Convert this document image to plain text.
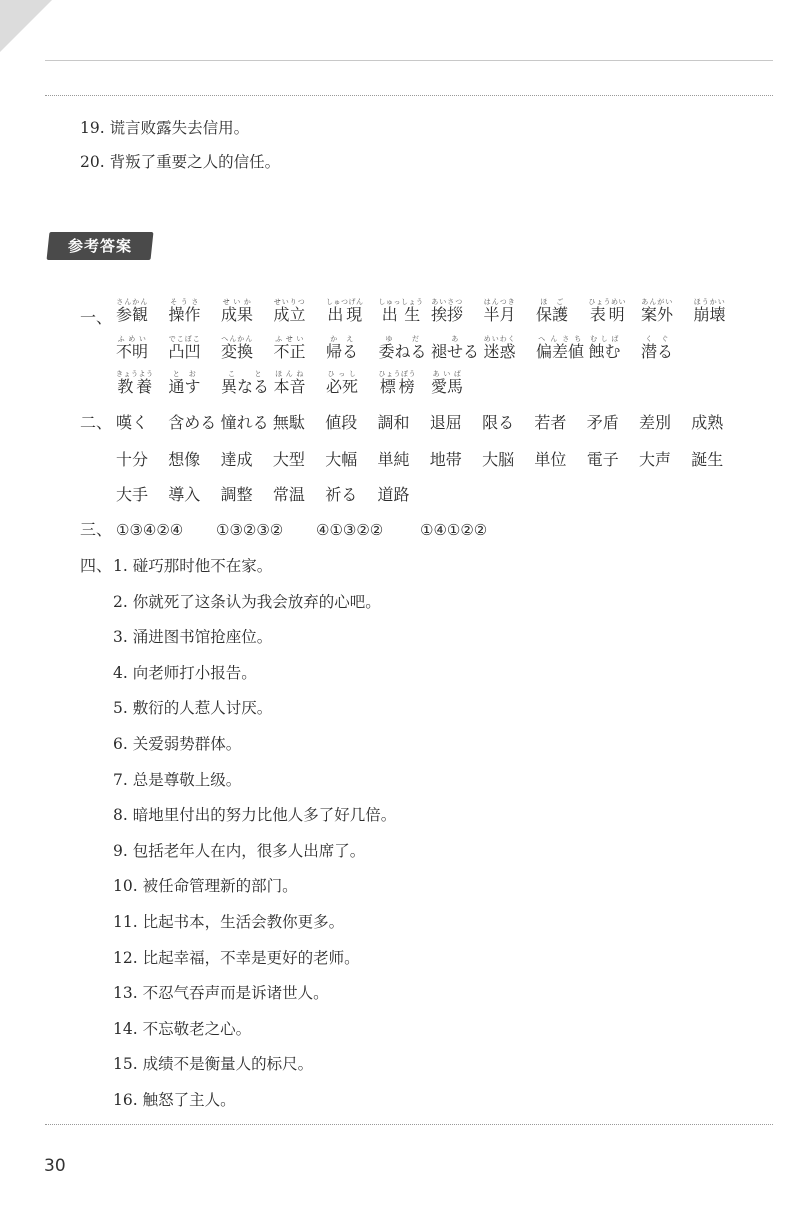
19. 谎言败露失去信用。
20. 背叛了重要之人的信任。
参考答案
一、 参観さんかん
操作そうさ
成果せいか
成立せいりつ
出現しゅつげん
出生しゅっしょう
挨拶あいさつ
半月はんつき
保護ほご
表明ひょうめい
案外あんがい
崩壊ほうかい
不明ふめい
凸凹でこぼこ
変換へんかん
不正ふせい
帰るかえ
委ねるゆだ
褪せるあ
迷惑めいわく
偏差値へんさち
蝕むむしば
潜るくぐ
教養きょうよう
通すとお
異なること
本音ほんね
必死ひっし
標榜ひょうぼう
愛馬あいば
二、 嘆く 含める 憧れる 無駄 値段 調和 退屈 限る 若者 矛盾 差別 成熟
十分 想像 達成 大型 大幅 単純 地帯 大脳 単位 電子 大声 誕生
大手 導入 調整 常温 祈る 道路
三、 ①③④②④ ①③②③② ④①③②② ①④①②②
四、 1. 碰巧那时他不在家。
2. 你就死了这条认为我会放弃的心吧。
3. 涌进图书馆抢座位。
4. 向老师打小报告。
5. 敷衍的人惹人讨厌。
6. 关爱弱势群体。
7. 总是尊敬上级。
8. 暗地里付出的努力比他人多了好几倍。
9. 包括老年人在内，很多人出席了。
10. 被任命管理新的部门。
11. 比起书本，生活会教你更多。
12. 比起幸福，不幸是更好的老师。
13. 不忍气吞声而是诉诸世人。
14. 不忘敬老之心。
15. 成绩不是衡量人的标尺。
16. 触怒了主人。
30
